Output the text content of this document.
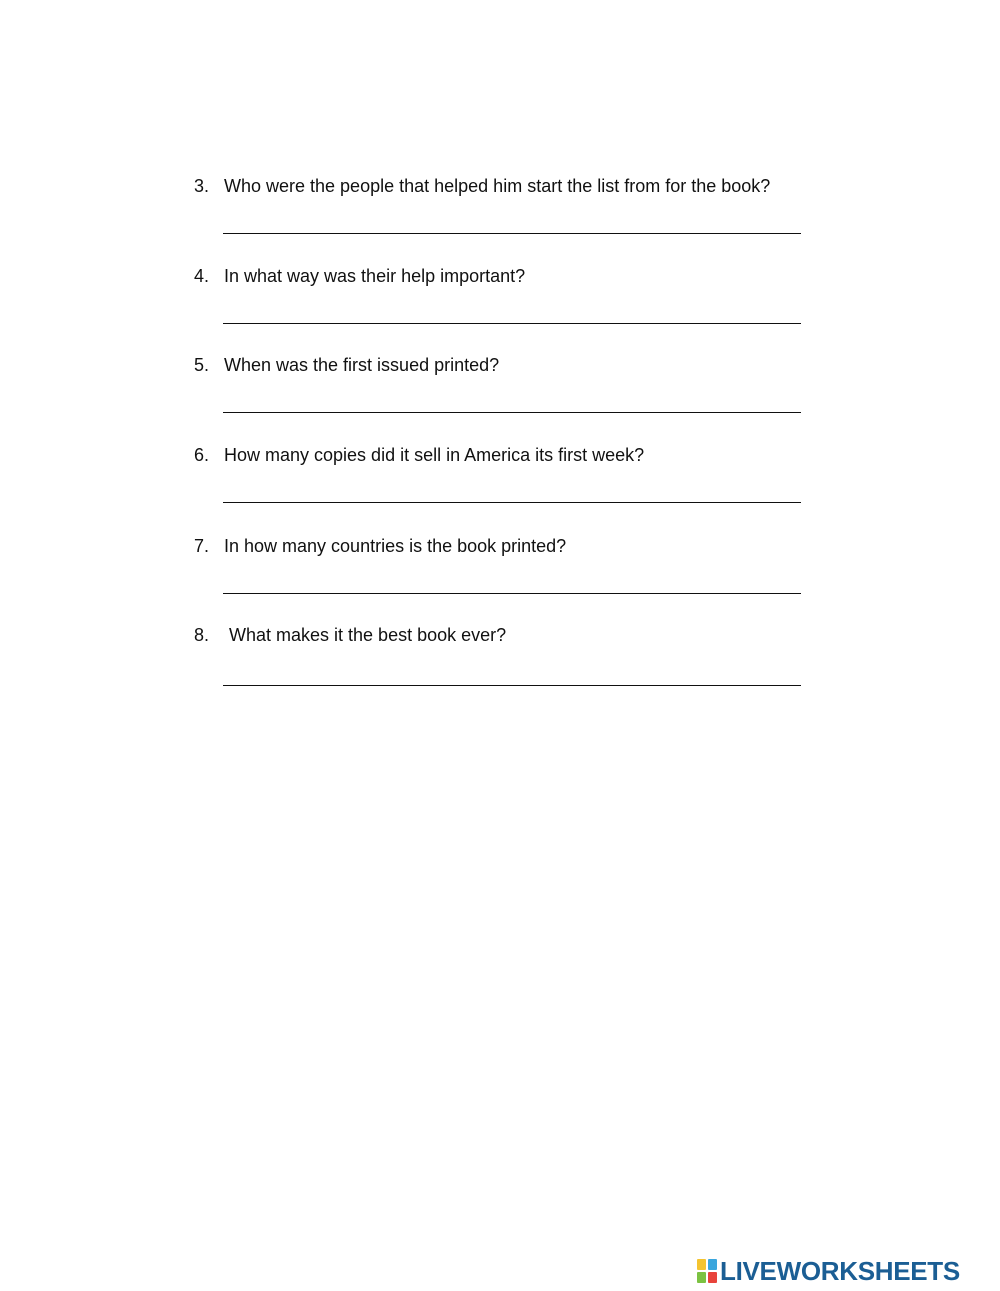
3. Who were the people that helped him start the list from for the book?
4. In what way was their help important?
5. When was the first issued printed?
6. How many copies did it sell in America its first week?
7. In how many countries is the book printed?
8. What makes it the best book ever?
LIVEWORKSHEETS
